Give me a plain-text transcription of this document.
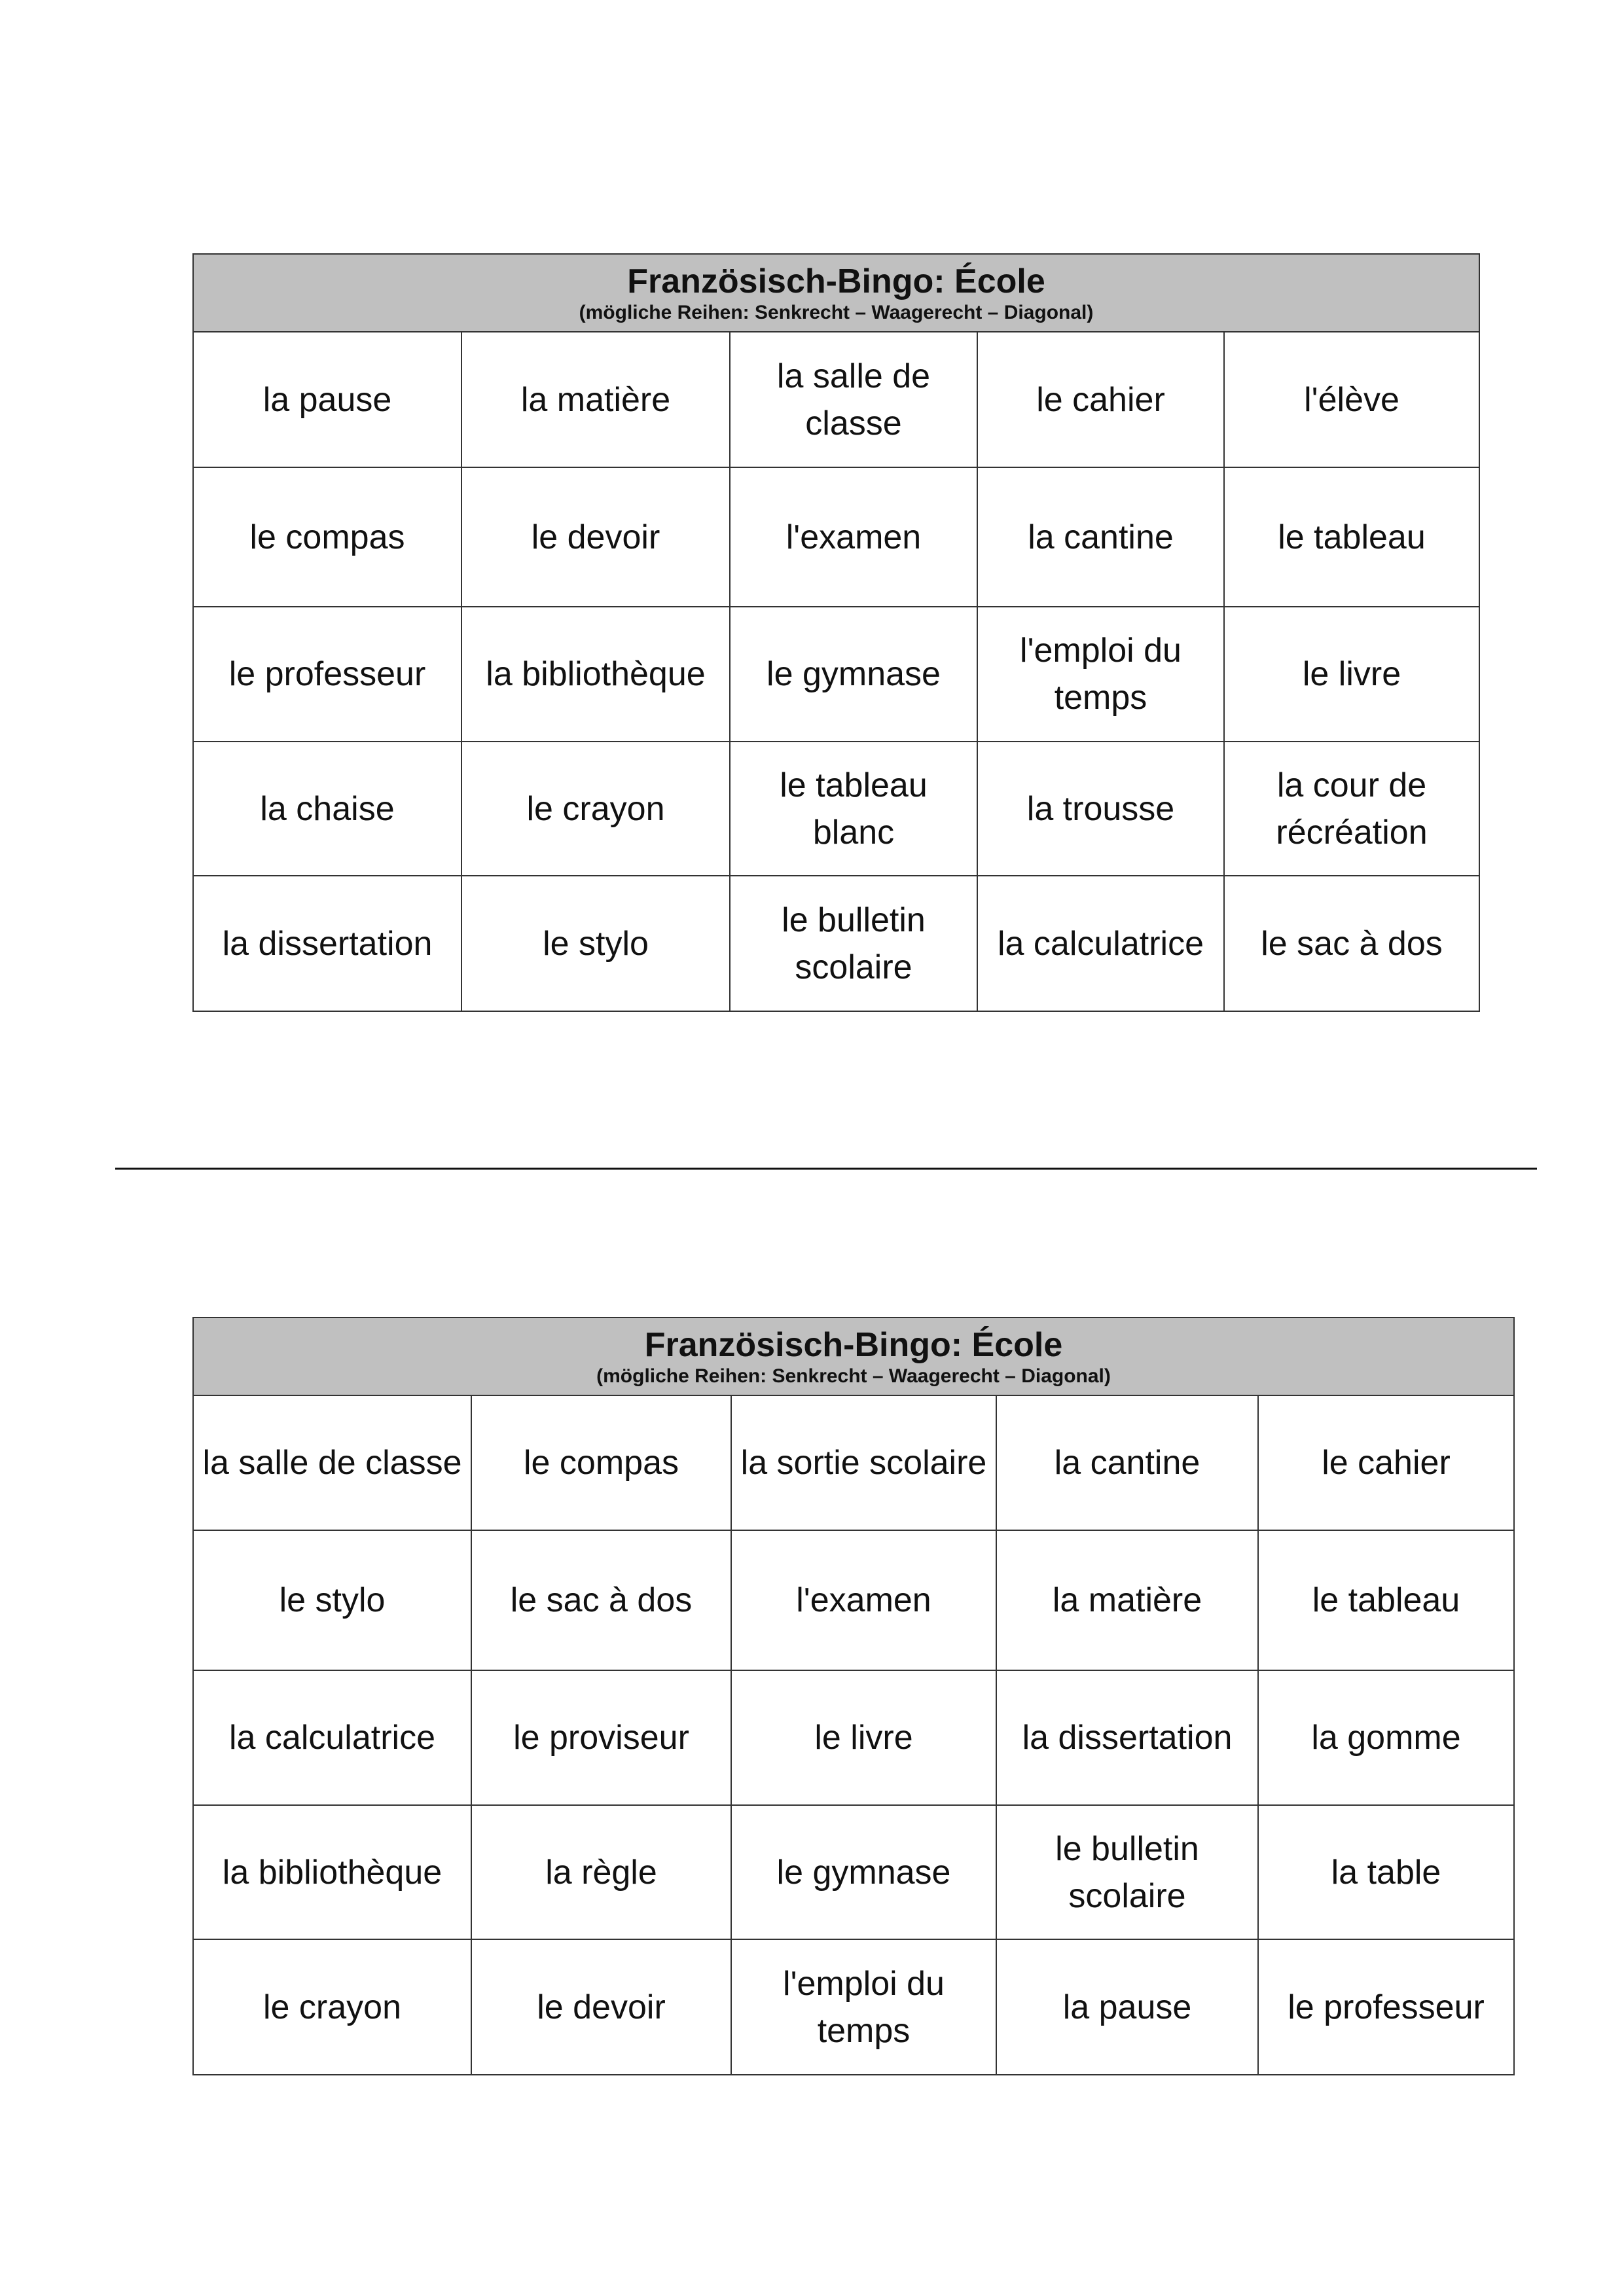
Französisch-Bingo: École
(mögliche Reihen: Senkrecht – Waagerecht – Diagonal)				

la pause	la matière	la salle de classe	le cahier	l'élève
le compas	le devoir	l'examen	la cantine	le tableau
le professeur	la bibliothèque	le gymnase	l'emploi du temps	le livre
la chaise	le crayon	le tableau blanc	la trousse	la cour de récréation
la dissertation	le stylo	le bulletin scolaire	la calculatrice	le sac à dos
Französisch-Bingo: École
(mögliche Reihen: Senkrecht – Waagerecht – Diagonal)				

la salle de classe	le compas	la sortie scolaire	la cantine	le cahier
le stylo	le sac à dos	l'examen	la matière	le tableau
la calculatrice	le proviseur	le livre	la dissertation	la gomme
la bibliothèque	la règle	le gymnase	le bulletin scolaire	la table
le crayon	le devoir	l'emploi du temps	la pause	le professeur
